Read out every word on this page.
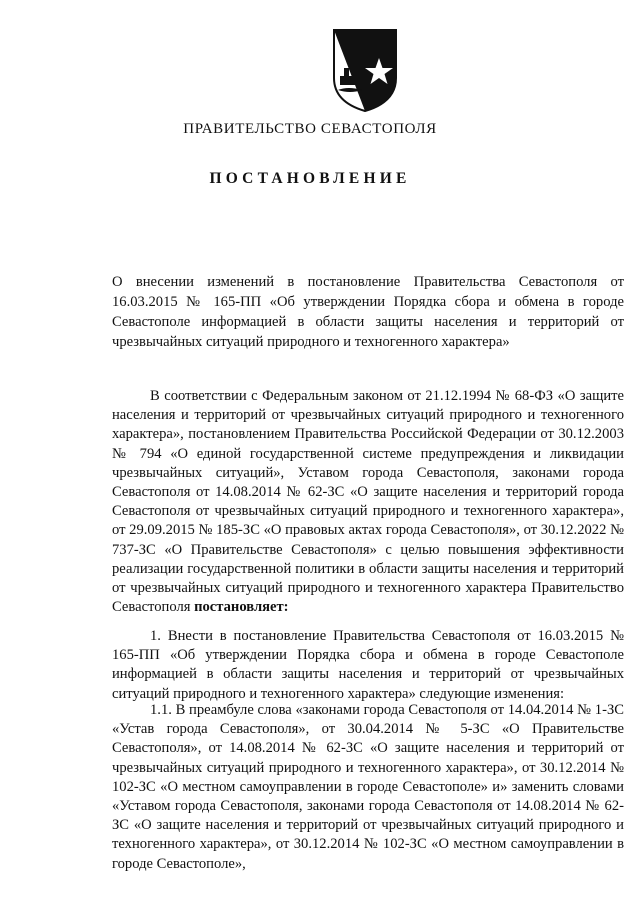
ПРАВИТЕЛЬСТВО СЕВАСТОПОЛЯ
ПОСТАНОВЛЕНИЕ
О внесении изменений в постановление Правительства Севастополя от 16.03.2015 № 165-ПП «Об утверждении Порядка сбора и обмена в городе Севастополе информацией в области защиты населения и территорий от чрезвычайных ситуаций природного и техногенного характера»

В соответствии с Федеральным законом от 21.12.1994 № 68-ФЗ «О защите населения и территорий от чрезвычайных ситуаций природного и техногенного характера», постановлением Правительства Российской Федерации от 30.12.2003 № 794 «О единой государственной системе предупреждения и ликвидации чрезвычайных ситуаций», Уставом города Севастополя, законами города Севастополя от 14.08.2014 № 62-ЗС «О защите населения и территорий города Севастополя от чрезвычайных ситуаций природного и техногенного характера», от 29.09.2015 № 185-ЗС «О правовых актах города Севастополя», от 30.12.2022 № 737-ЗС «О Правительстве Севастополя» с целью повышения эффективности реализации государственной политики в области защиты населения и территорий от чрезвычайных ситуаций природного и техногенного характера Правительство Севастополя постановляет:

1. Внести в постановление Правительства Севастополя от 16.03.2015 № 165-ПП «Об утверждении Порядка сбора и обмена в городе Севастополе информацией в области защиты населения и территорий от чрезвычайных ситуаций природного и техногенного характера» следующие изменения:

1.1. В преамбуле слова «законами города Севастополя от 14.04.2014 № 1-ЗС «Устав города Севастополя», от 30.04.2014 № 5-ЗС «О Правительстве Севастополя», от 14.08.2014 № 62-ЗС «О защите населения и территорий от чрезвычайных ситуаций природного и техногенного характера», от 30.12.2014 № 102-ЗС «О местном самоуправлении в городе Севастополе» и» заменить словами «Уставом города Севастополя, законами города Севастополя от 14.08.2014 № 62-ЗС «О защите населения и территорий от чрезвычайных ситуаций природного и техногенного характера», от 30.12.2014 № 102-ЗС «О местном самоуправлении в городе Севастополе»,
